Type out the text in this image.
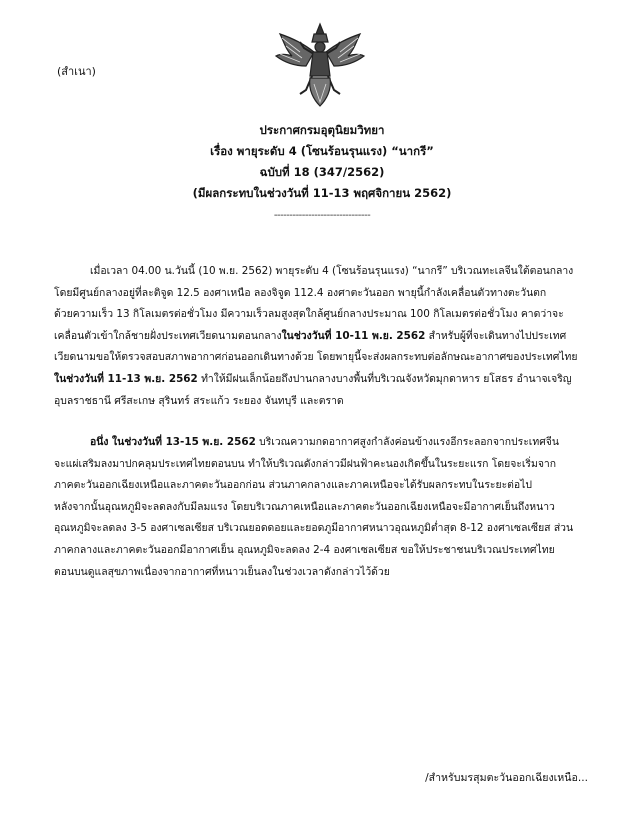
(สำเนา)
ประกาศกรมอุตุนิยมวิทยา
เรื่อง พายุระดับ 4 (โซนร้อนรุนแรง) “นากรี”
ฉบับที่ 18 (347/2562)
(มีผลกระทบในช่วงวันที่ 11-13 พฤศจิกายน 2562)
-------------------------------
เมื่อเวลา 04.00 น.วันนี้ (10 พ.ย. 2562) พายุระดับ 4 (โซนร้อนรุนแรง) “นากรี” บริเวณทะเลจีนใต้ตอนกลาง
โดยมีศูนย์กลางอยู่ที่ละติจูด 12.5 องศาเหนือ ลองจิจูด 112.4 องศาตะวันออก พายุนี้กำลังเคลื่อนตัวทางตะวันตก
ด้วยความเร็ว 13 กิโลเมตรต่อชั่วโมง มีความเร็วลมสูงสุดใกล้ศูนย์กลางประมาณ 100 กิโลเมตรต่อชั่วโมง คาดว่าจะ
เคลื่อนตัวเข้าใกล้ชายฝั่งประเทศเวียดนามตอนกลางในช่วงวันที่ 10-11 พ.ย. 2562 สำหรับผู้ที่จะเดินทางไปประเทศ
เวียดนามขอให้ตรวจสอบสภาพอากาศก่อนออกเดินทางด้วย โดยพายุนี้จะส่งผลกระทบต่อลักษณะอากาศของประเทศไทย
ในช่วงวันที่ 11-13 พ.ย. 2562 ทำให้มีฝนเล็กน้อยถึงปานกลางบางพื้นที่บริเวณจังหวัดมุกดาหาร ยโสธร อำนาจเจริญ
อุบลราชธานี ศรีสะเกษ สุรินทร์ สระแก้ว ระยอง จันทบุรี และตราด
อนึ่ง ในช่วงวันที่ 13-15 พ.ย. 2562 บริเวณความกดอากาศสูงกำลังค่อนข้างแรงอีกระลอกจากประเทศจีน
จะแผ่เสริมลงมาปกคลุมประเทศไทยตอนบน ทำให้บริเวณดังกล่าวมีฝนฟ้าคะนองเกิดขึ้นในระยะแรก โดยจะเริ่มจาก
ภาคตะวันออกเฉียงเหนือและภาคตะวันออกก่อน ส่วนภาคกลางและภาคเหนือจะได้รับผลกระทบในระยะต่อไป
หลังจากนั้นอุณหภูมิจะลดลงกับมีลมแรง โดยบริเวณภาคเหนือและภาคตะวันออกเฉียงเหนือจะมีอากาศเย็นถึงหนาว
อุณหภูมิจะลดลง 3-5 องศาเซลเซียส บริเวณยอดดอยและยอดภูมีอากาศหนาวอุณหภูมิต่ำสุด 8-12 องศาเซลเซียส ส่วน
ภาคกลางและภาคตะวันออกมีอากาศเย็น อุณหภูมิจะลดลง 2-4 องศาเซลเซียส ขอให้ประชาชนบริเวณประเทศไทย
ตอนบนดูแลสุขภาพเนื่องจากอากาศที่หนาวเย็นลงในช่วงเวลาดังกล่าวไว้ด้วย
/สำหรับมรสุมตะวันออกเฉียงเหนือ...
